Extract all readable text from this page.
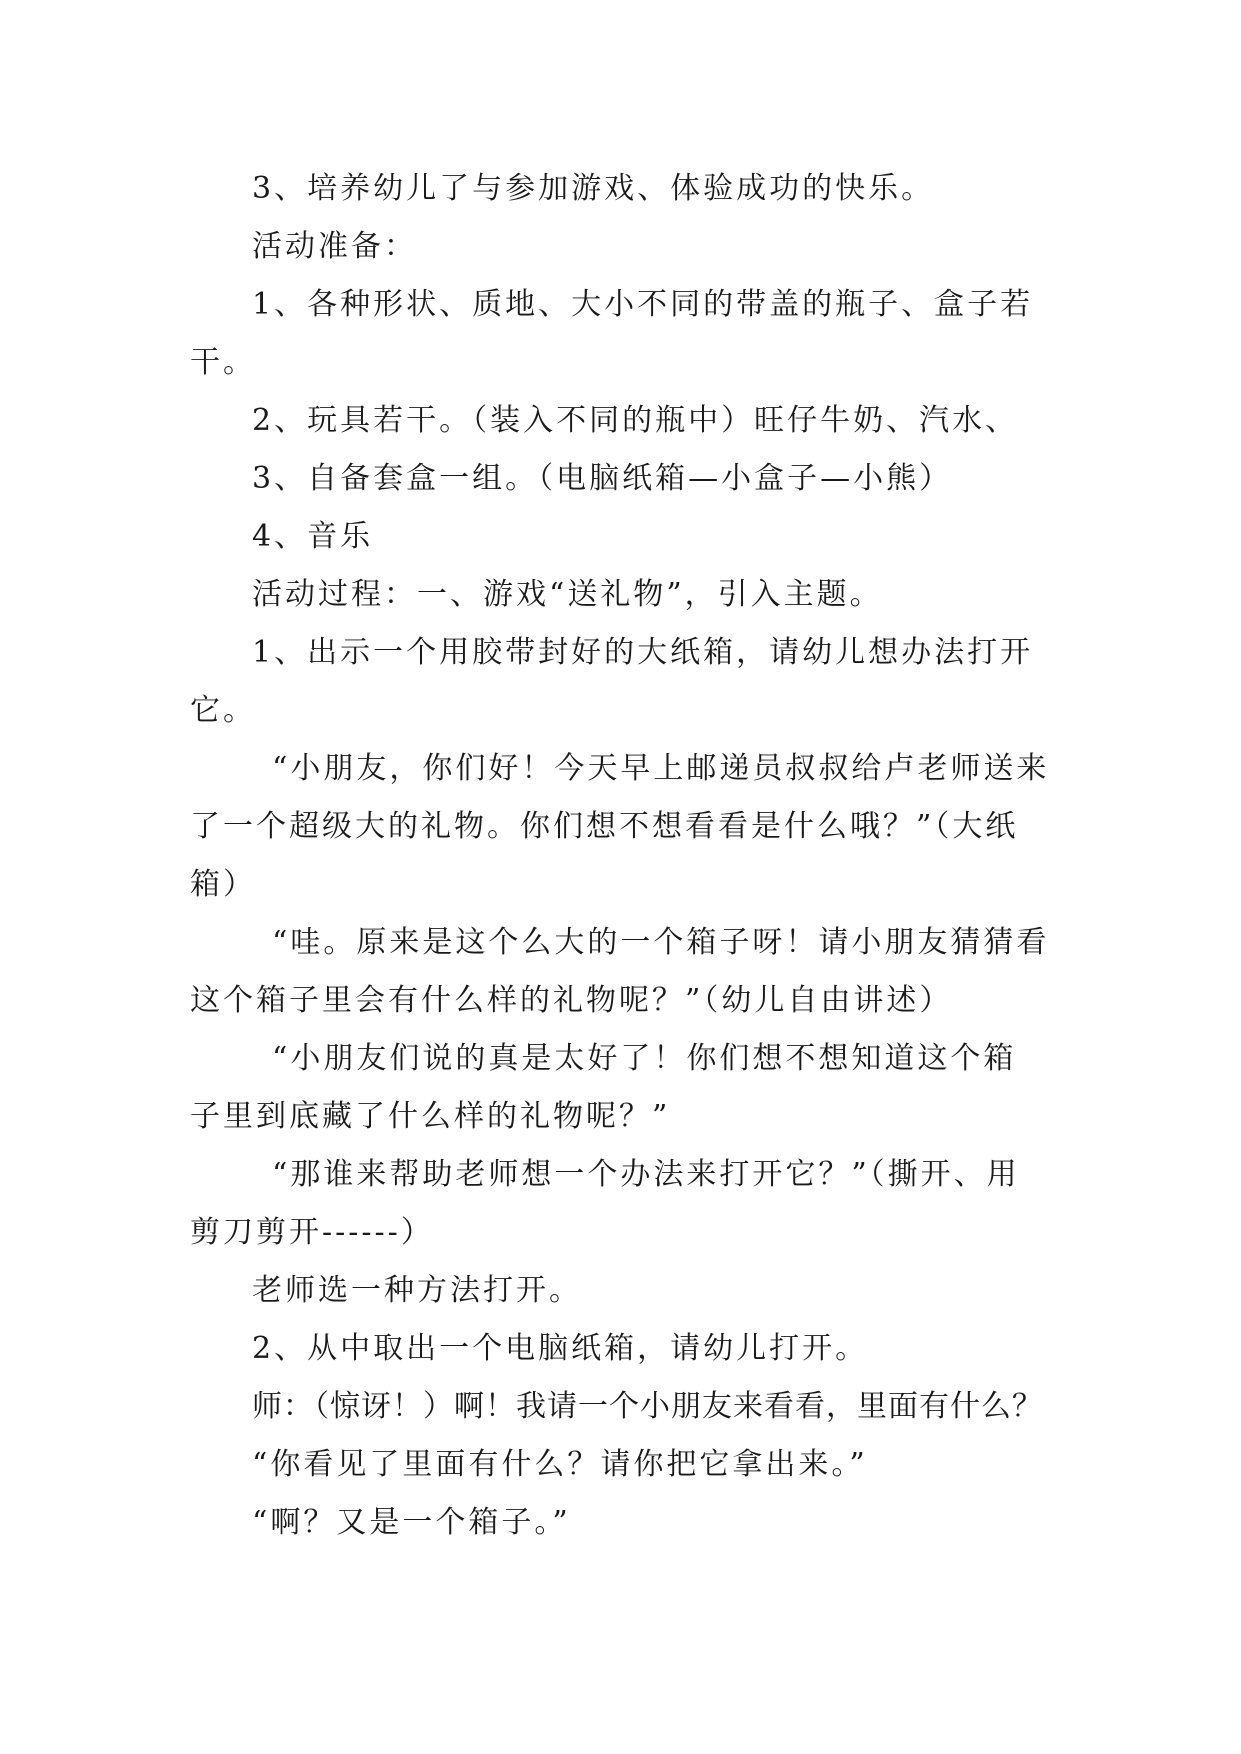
3、培养幼儿了与参加游戏、体验成功的快乐。
活动准备：
1、各种形状、质地、大小不同的带盖的瓶子、盒子若
干。
2、玩具若干。（装入不同的瓶中）旺仔牛奶、汽水、
3、自备套盒一组。（电脑纸箱—小盒子—小熊）
4、音乐
活动过程：一、游戏“送礼物”，引入主题。
1、出示一个用胶带封好的大纸箱，请幼儿想办法打开
它。
“小朋友，你们好！今天早上邮递员叔叔给卢老师送来
了一个超级大的礼物。你们想不想看看是什么哦？”（大纸
箱）
“哇。原来是这个么大的一个箱子呀！请小朋友猜猜看
这个箱子里会有什么样的礼物呢？”（幼儿自由讲述）
“小朋友们说的真是太好了！你们想不想知道这个箱
子里到底藏了什么样的礼物呢？”
“那谁来帮助老师想一个办法来打开它？”（撕开、用
剪刀剪开------）
老师选一种方法打开。
2、从中取出一个电脑纸箱，请幼儿打开。
师：（惊讶！）啊！我请一个小朋友来看看，里面有什么？
“你看见了里面有什么？请你把它拿出来。”
“啊？又是一个箱子。”
